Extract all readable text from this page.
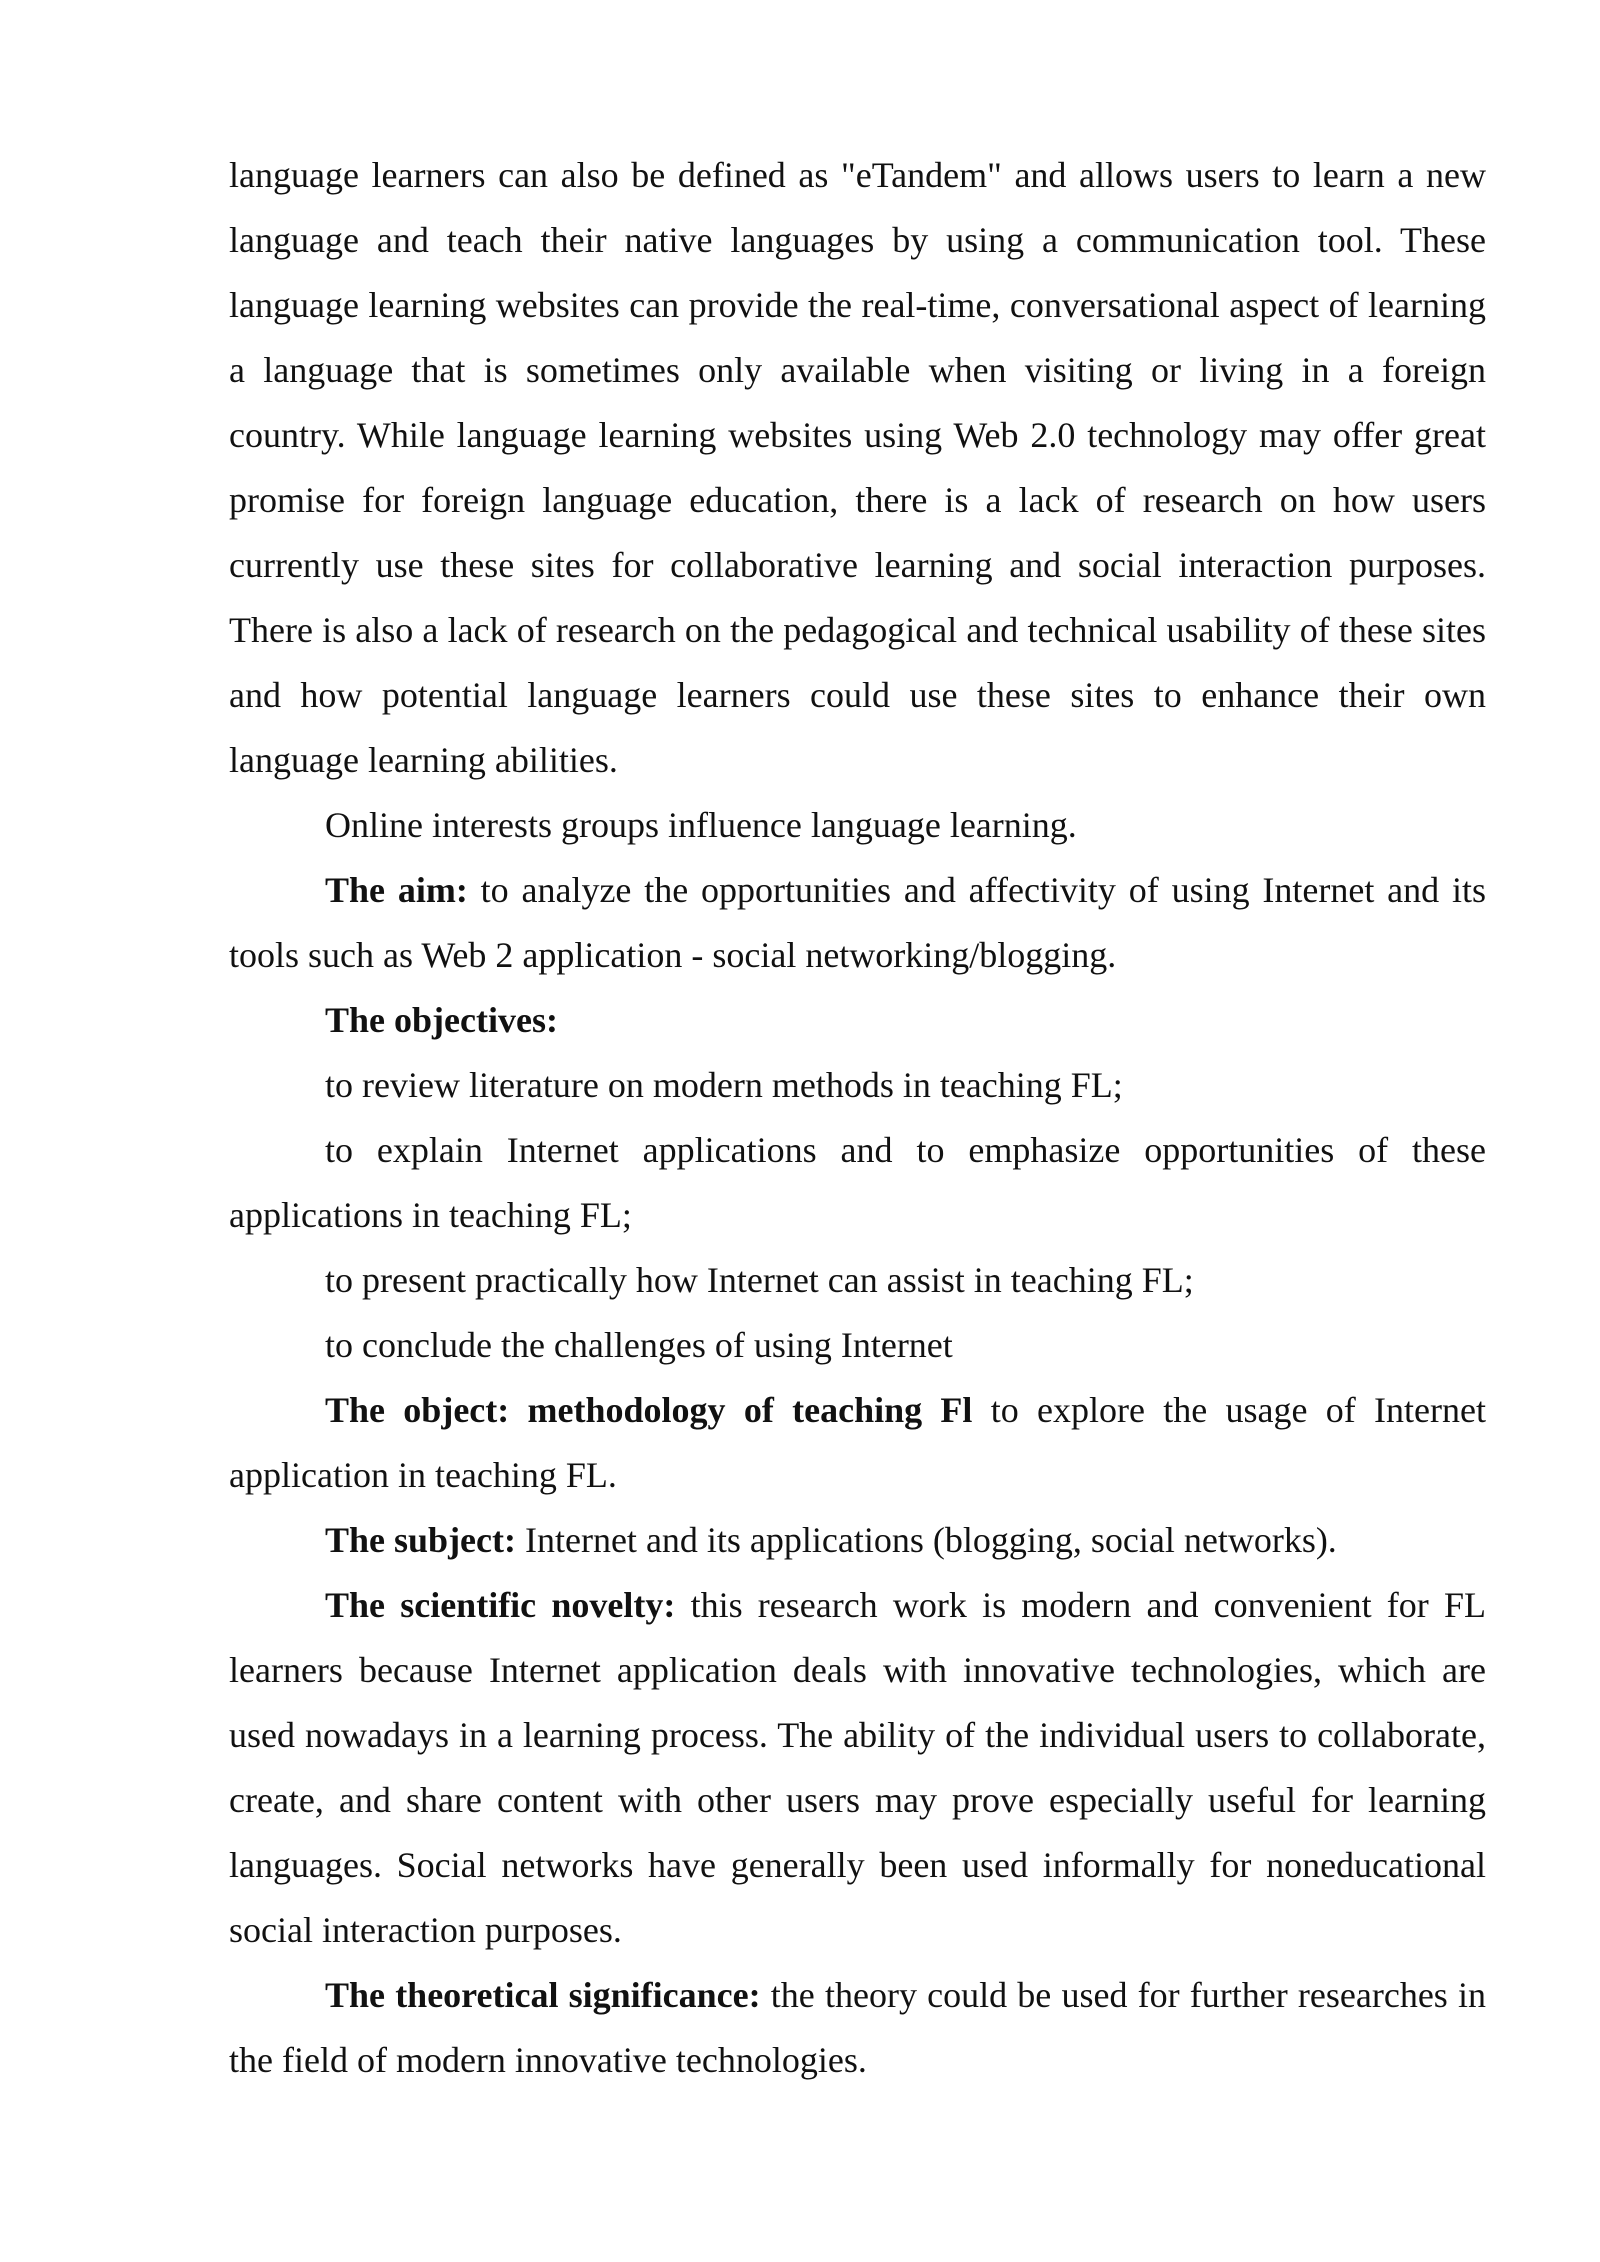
language learners can also be defined as "eTandem" and allows users to learn a new language and teach their native languages by using a communication tool. These language learning websites can provide the real-time, conversational aspect of learning a language that is sometimes only available when visiting or living in a foreign country. While language learning websites using Web 2.0 technology may offer great promise for foreign language education, there is a lack of research on how users currently use these sites for collaborative learning and social interaction purposes. There is also a lack of research on the pedagogical and technical usability of these sites and how potential language learners could use these sites to enhance their own language learning abilities.

Online interests groups influence language learning.

The aim: to analyze the opportunities and affectivity of using Internet and its tools such as Web 2 application - social networking/blogging.

The objectives:

to review literature on modern methods in teaching FL;

to explain Internet applications and to emphasize opportunities of these applications in teaching FL;

to present practically how Internet can assist in teaching FL;

to conclude the challenges of using Internet

The object: methodology of teaching Fl to explore the usage of Internet application in teaching FL.

The subject: Internet and its applications (blogging, social networks).

The scientific novelty: this research work is modern and convenient for FL learners because Internet application deals with innovative technologies, which are used nowadays in a learning process. The ability of the individual users to collaborate, create, and share content with other users may prove especially useful for learning languages. Social networks have generally been used informally for noneducational social interaction purposes.

The theoretical significance: the theory could be used for further researches in the field of modern innovative technologies.
